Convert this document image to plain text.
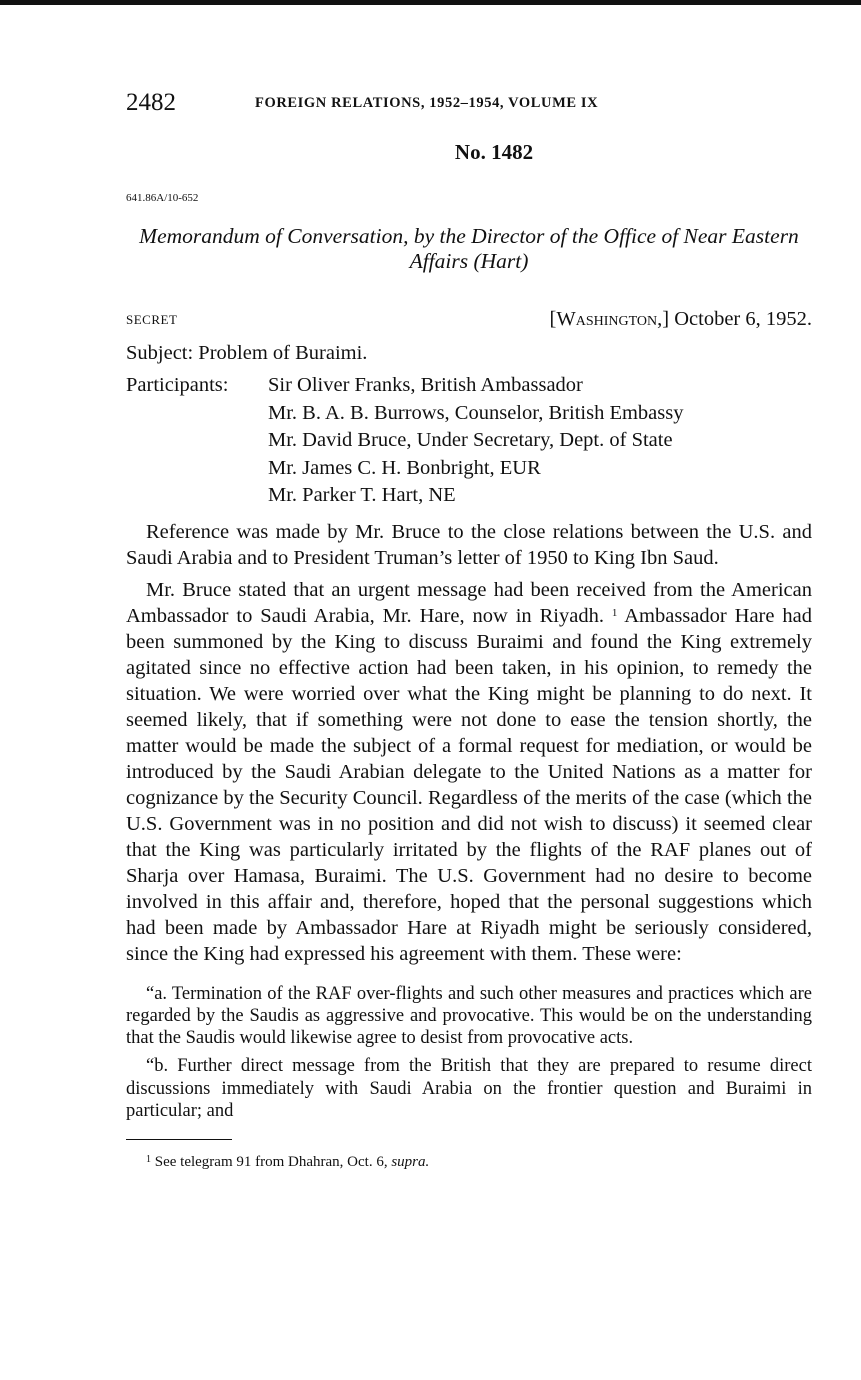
2482	FOREIGN RELATIONS, 1952–1954, VOLUME IX
No. 1482
641.86A/10-652
Memorandum of Conversation, by the Director of the Office of Near Eastern Affairs (Hart)
SECRET	[Washington,] October 6, 1952.
Subject: Problem of Buraimi.
Participants: Sir Oliver Franks, British Ambassador
Mr. B. A. B. Burrows, Counselor, British Embassy
Mr. David Bruce, Under Secretary, Dept. of State
Mr. James C. H. Bonbright, EUR
Mr. Parker T. Hart, NE

Reference was made by Mr. Bruce to the close relations between the U.S. and Saudi Arabia and to President Truman’s letter of 1950 to King Ibn Saud.

Mr. Bruce stated that an urgent message had been received from the American Ambassador to Saudi Arabia, Mr. Hare, now in Riyadh. $^1$ Ambassador Hare had been summoned by the King to discuss Buraimi and found the King extremely agitated since no effective action had been taken, in his opinion, to remedy the situation. We were worried over what the King might be planning to do next. It seemed likely, that if something were not done to ease the tension shortly, the matter would be made the subject of a formal request for mediation, or would be introduced by the Saudi Arabian delegate to the United Nations as a matter for cognizance by the Security Council. Regardless of the merits of the case (which the U.S. Government was in no position and did not wish to discuss) it seemed clear that the King was particularly irritated by the flights of the RAF planes out of Sharja over Hamasa, Buraimi. The U.S. Government had no desire to become involved in this affair and, therefore, hoped that the personal suggestions which had been made by Ambassador Hare at Riyadh might be seriously considered, since the King had expressed his agreement with them. These were:

“a. Termination of the RAF over-flights and such other measures and practices which are regarded by the Saudis as aggressive and provocative. This would be on the understanding that the Saudis would likewise agree to desist from provocative acts.

“b. Further direct message from the British that they are prepared to resume direct discussions immediately with Saudi Arabia on the frontier question and Buraimi in particular; and

$^1$ See telegram 91 from Dhahran, Oct. 6, supra.
